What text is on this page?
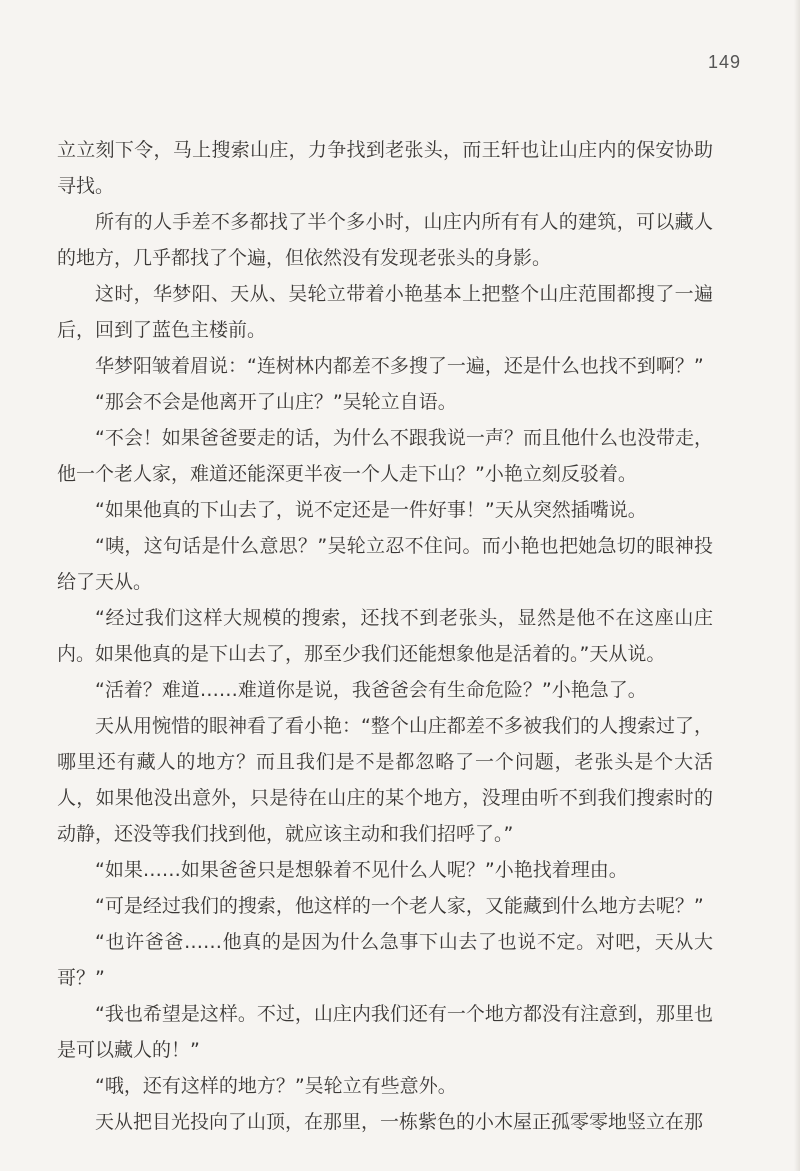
149

立立刻下令，马上搜索山庄，力争找到老张头，而王轩也让山庄内的保安协助寻找。

所有的人手差不多都找了半个多小时，山庄内所有有人的建筑，可以藏人的地方，几乎都找了个遍，但依然没有发现老张头的身影。

这时，华梦阳、天从、吴轮立带着小艳基本上把整个山庄范围都搜了一遍后，回到了蓝色主楼前。

华梦阳皱着眉说：“连树林内都差不多搜了一遍，还是什么也找不到啊？”

“那会不会是他离开了山庄？”吴轮立自语。

“不会！如果爸爸要走的话，为什么不跟我说一声？而且他什么也没带走，他一个老人家，难道还能深更半夜一个人走下山？”小艳立刻反驳着。

“如果他真的下山去了，说不定还是一件好事！”天从突然插嘴说。

“咦，这句话是什么意思？”吴轮立忍不住问。而小艳也把她急切的眼神投给了天从。

“经过我们这样大规模的搜索，还找不到老张头，显然是他不在这座山庄内。如果他真的是下山去了，那至少我们还能想象他是活着的。”天从说。

“活着？难道……难道你是说，我爸爸会有生命危险？”小艳急了。

天从用惋惜的眼神看了看小艳：“整个山庄都差不多被我们的人搜索过了，哪里还有藏人的地方？而且我们是不是都忽略了一个问题，老张头是个大活人，如果他没出意外，只是待在山庄的某个地方，没理由听不到我们搜索时的动静，还没等我们找到他，就应该主动和我们招呼了。”

“如果……如果爸爸只是想躲着不见什么人呢？”小艳找着理由。

“可是经过我们的搜索，他这样的一个老人家，又能藏到什么地方去呢？”

“也许爸爸……他真的是因为什么急事下山去了也说不定。对吧，天从大哥？”

“我也希望是这样。不过，山庄内我们还有一个地方都没有注意到，那里也是可以藏人的！”

“哦，还有这样的地方？”吴轮立有些意外。

天从把目光投向了山顶，在那里，一栋紫色的小木屋正孤零零地竖立在那
